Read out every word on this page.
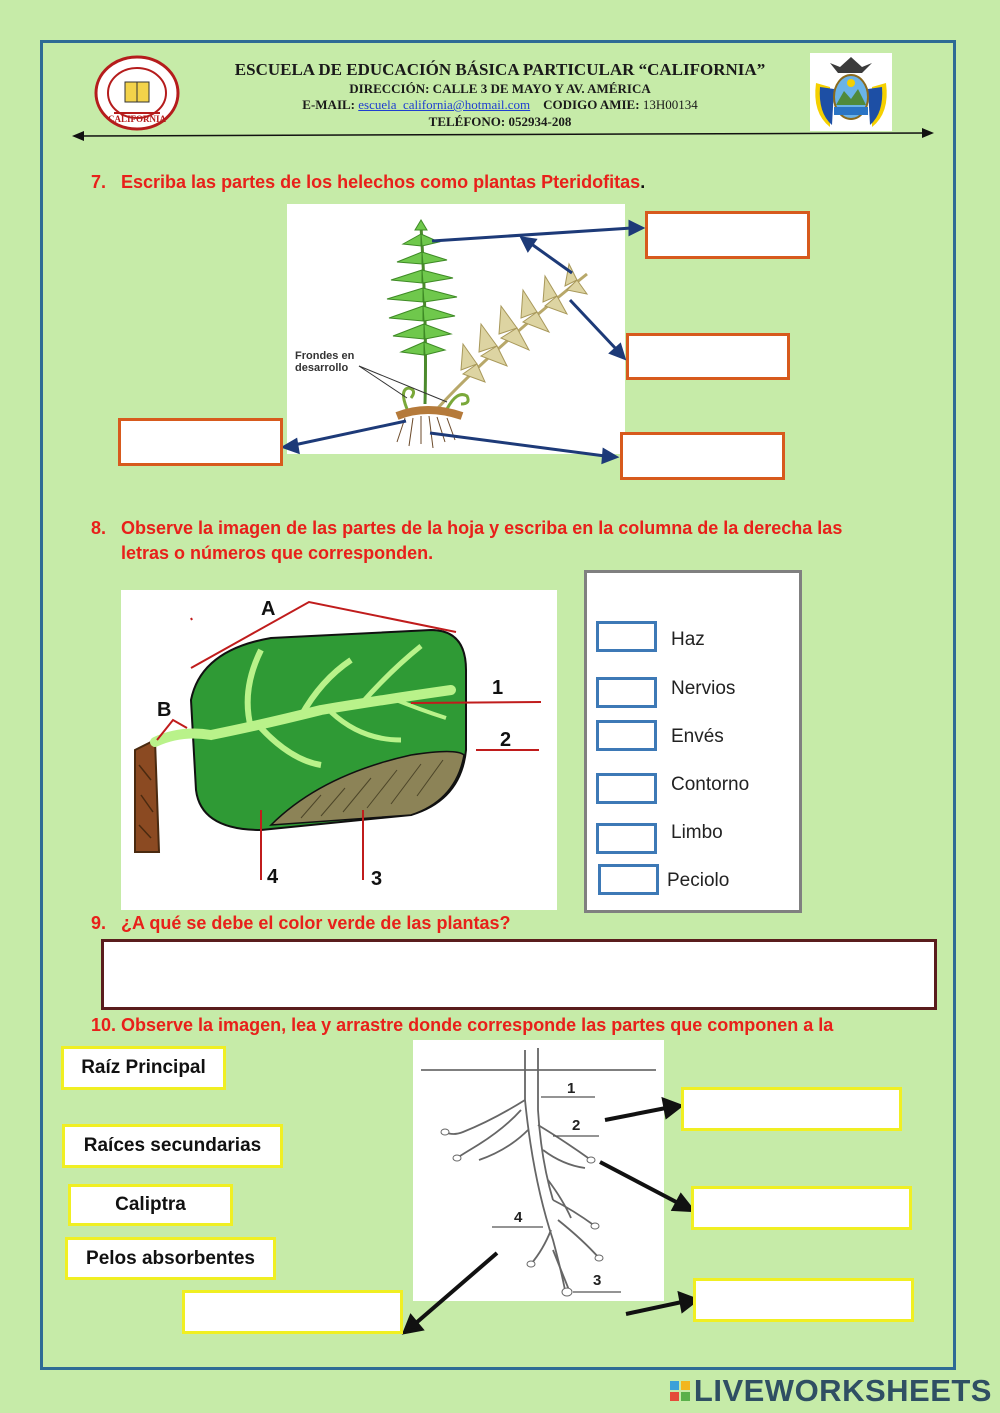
CALIFORNIA
ESCUELA DE EDUCACIÓN BÁSICA PARTICULAR “CALIFORNIA”
DIRECCIÓN: CALLE 3 DE MAYO Y AV. AMÉRICA
E-MAIL: escuela_california@hotmail.com CODIGO AMIE: 13H00134
TELÉFONO: 052934-208
7. Escriba las partes de los helechos como plantas Pteridofitas.
Frondes en
desarrollo
8. Observe la imagen de las partes de la hoja y escriba en la columna de la derecha las
letras o números que corresponden.
A
B
1
2
3
4
Haz
Nervios
Envés
Contorno
Limbo
Peciolo
9. ¿A qué se debe el color verde de las plantas?
10. Observe la imagen, lea y arrastre donde corresponde las partes que componen a la
Raíz Principal
Raíces secundarias
Caliptra
Pelos absorbentes
1
2
4
3
LIVEWORKSHEETS
